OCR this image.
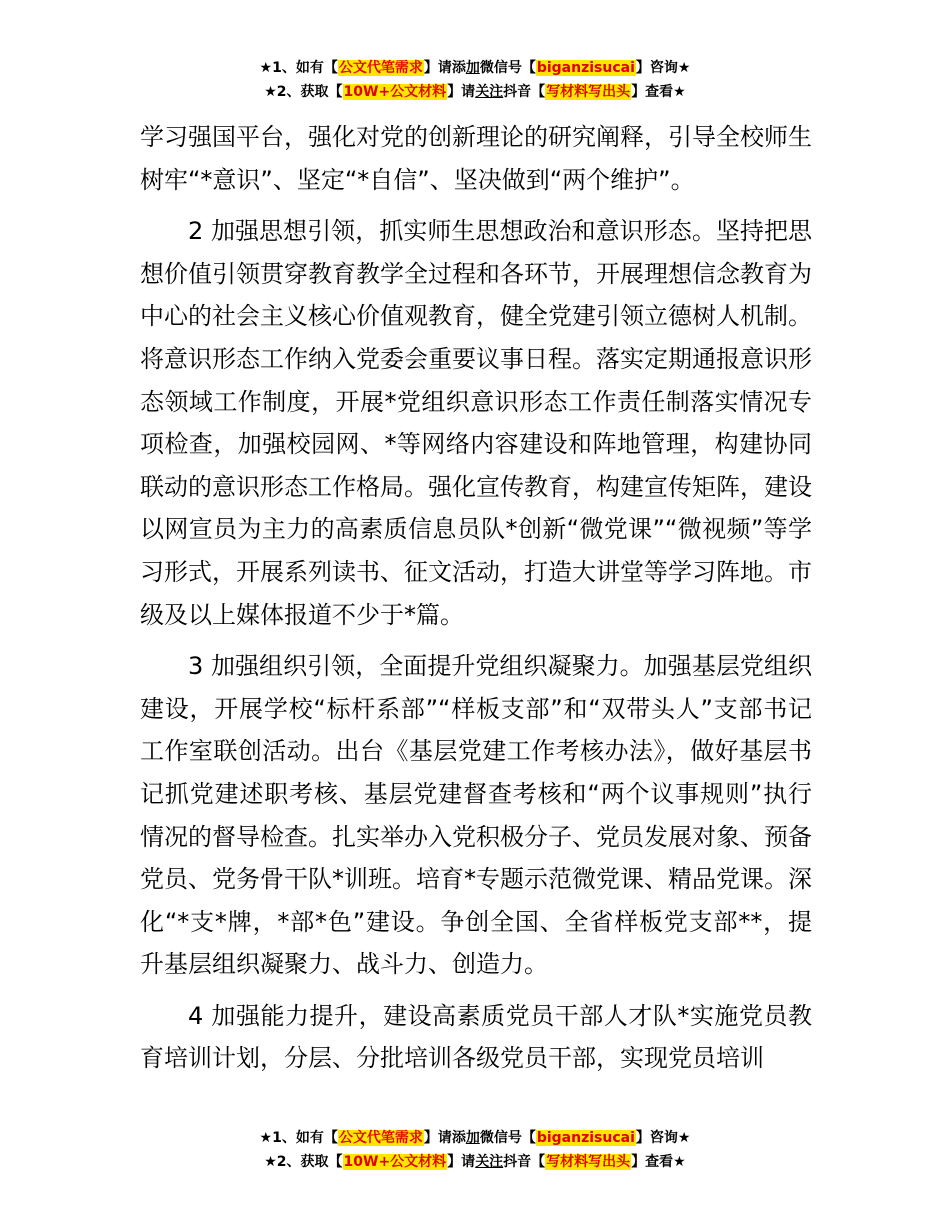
★1、如有【公文代笔需求】请添加微信号【biganzisucai】咨询★
★2、获取【10W+公文材料】请关注抖音【写材料写出头】查看★

学习强国平台，强化对党的创新理论的研究阐释，引导全校师生树牢“*意识”、坚定“*自信”、坚决做到“两个维护”。

2 加强思想引领，抓实师生思想政治和意识形态。坚持把思想价值引领贯穿教育教学全过程和各环节，开展理想信念教育为中心的社会主义核心价值观教育，健全党建引领立德树人机制。将意识形态工作纳入党委会重要议事日程。落实定期通报意识形态领域工作制度，开展*党组织意识形态工作责任制落实情况专项检查，加强校园网、*等网络内容建设和阵地管理，构建协同联动的意识形态工作格局。强化宣传教育，构建宣传矩阵，建设以网宣员为主力的高素质信息员队*创新“微党课”“微视频”等学习形式，开展系列读书、征文活动，打造大讲堂等学习阵地。市级及以上媒体报道不少于*篇。

3 加强组织引领，全面提升党组织凝聚力。加强基层党组织建设，开展学校“标杆系部”“样板支部”和“双带头人”支部书记工作室联创活动。出台《基层党建工作考核办法》，做好基层书记抓党建述职考核、基层党建督查考核和“两个议事规则”执行情况的督导检查。扎实举办入党积极分子、党员发展对象、预备党员、党务骨干队*训班。培育*专题示范微党课、精品党课。深化“*支*牌，*部*色”建设。争创全国、全省样板党支部**，提升基层组织凝聚力、战斗力、创造力。

4 加强能力提升，建设高素质党员干部人才队*实施党员教育培训计划，分层、分批培训各级党员干部，实现党员培训

★1、如有【公文代笔需求】请添加微信号【biganzisucai】咨询★
★2、获取【10W+公文材料】请关注抖音【写材料写出头】查看★
